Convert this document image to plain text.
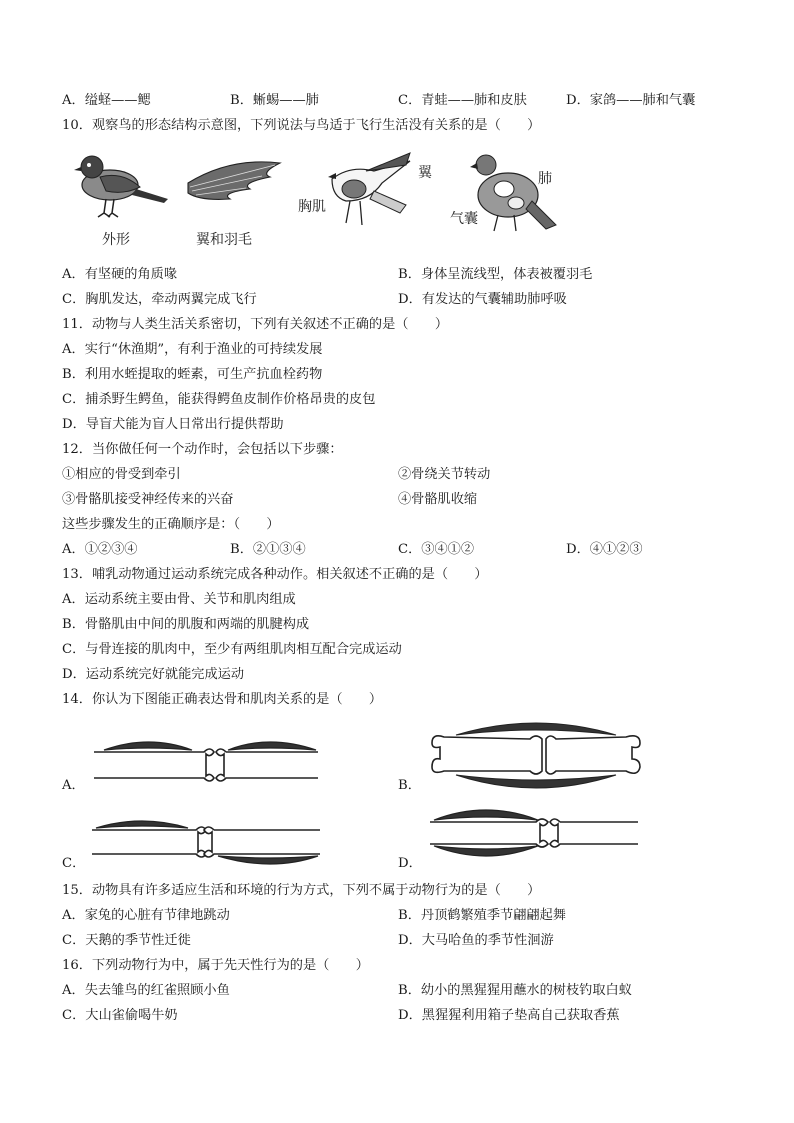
A．缢蛏——鳃	B．蜥蜴——肺	C．青蛙——肺和皮肤	D．家鸽——肺和气囊
10．观察鸟的形态结构示意图，下列说法与鸟适于飞行生活没有关系的是（　　）
外形	翼和羽毛
翼
胸肌
肺
气囊
A．有坚硬的角质喙	B．身体呈流线型，体表被覆羽毛
C．胸肌发达，牵动两翼完成飞行	D．有发达的气囊辅助肺呼吸
11．动物与人类生活关系密切，下列有关叙述不正确的是（　　）
A．实行“休渔期”，有利于渔业的可持续发展
B．利用水蛭提取的蛭素，可生产抗血栓药物
C．捕杀野生鳄鱼，能获得鳄鱼皮制作价格昂贵的皮包
D．导盲犬能为盲人日常出行提供帮助
12．当你做任何一个动作时，会包括以下步骤：
①相应的骨受到牵引	②骨绕关节转动
③骨骼肌接受神经传来的兴奋	④骨骼肌收缩
这些步骤发生的正确顺序是：（　　）
A．①②③④	B．②①③④	C．③④①②	D．④①②③
13．哺乳动物通过运动系统完成各种动作。相关叙述不正确的是（　　）
A．运动系统主要由骨、关节和肌肉组成
B．骨骼肌由中间的肌腹和两端的肌腱构成
C．与骨连接的肌肉中，至少有两组肌肉相互配合完成运动
D．运动系统完好就能完成运动
14．你认为下图能正确表达骨和肌肉关系的是（　　）
A．	B．
C．	D．
15．动物具有许多适应生活和环境的行为方式，下列不属于动物行为的是（　　）
A．家兔的心脏有节律地跳动	B．丹顶鹤繁殖季节翩翩起舞
C．天鹅的季节性迁徙	D．大马哈鱼的季节性洄游
16．下列动物行为中，属于先天性行为的是（　　）
A．失去雏鸟的红雀照顾小鱼	B．幼小的黑猩猩用蘸水的树枝钓取白蚁
C．大山雀偷喝牛奶	D．黑猩猩利用箱子垫高自己获取香蕉
